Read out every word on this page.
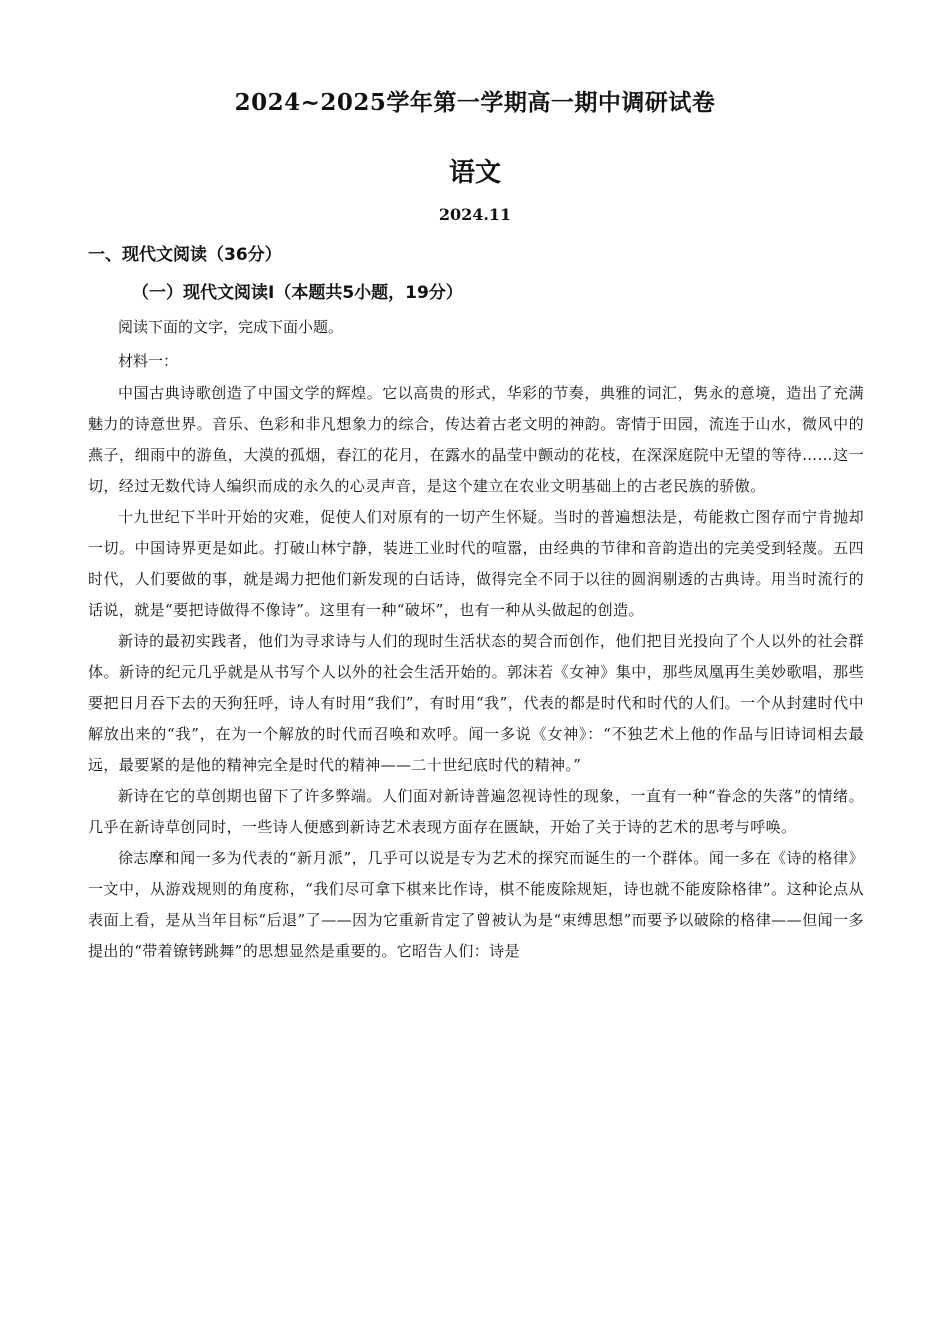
2024~2025学年第一学期高一期中调研试卷
语文
2024.11
一、现代文阅读（36分）
（一）现代文阅读Ⅰ（本题共5小题，19分）
阅读下面的文字，完成下面小题。
材料一：

中国古典诗歌创造了中国文学的辉煌。它以高贵的形式，华彩的节奏，典雅的词汇，隽永的意境，造出了充满魅力的诗意世界。音乐、色彩和非凡想象力的综合，传达着古老文明的神韵。寄情于田园，流连于山水，微风中的燕子，细雨中的游鱼，大漠的孤烟，春江的花月，在露水的晶莹中颤动的花枝，在深深庭院中无望的等待……这一切，经过无数代诗人编织而成的永久的心灵声音，是这个建立在农业文明基础上的古老民族的骄傲。

十九世纪下半叶开始的灾难，促使人们对原有的一切产生怀疑。当时的普遍想法是，苟能救亡图存而宁肯抛却一切。中国诗界更是如此。打破山林宁静，装进工业时代的喧嚣，由经典的节律和音韵造出的完美受到轻蔑。五四时代，人们要做的事，就是竭力把他们新发现的白话诗，做得完全不同于以往的圆润剔透的古典诗。用当时流行的话说，就是“要把诗做得不像诗”。这里有一种“破坏”，也有一种从头做起的创造。

新诗的最初实践者，他们为寻求诗与人们的现时生活状态的契合而创作，他们把目光投向了个人以外的社会群体。新诗的纪元几乎就是从书写个人以外的社会生活开始的。郭沫若《女神》集中，那些凤凰再生美妙歌唱，那些要把日月吞下去的天狗狂呼，诗人有时用“我们”，有时用“我”，代表的都是时代和时代的人们。一个从封建时代中解放出来的“我”，在为一个解放的时代而召唤和欢呼。闻一多说《女神》：“不独艺术上他的作品与旧诗词相去最远，最要紧的是他的精神完全是时代的精神——二十世纪底时代的精神。”

新诗在它的草创期也留下了许多弊端。人们面对新诗普遍忽视诗性的现象，一直有一种“眷念的失落”的情绪。几乎在新诗草创同时，一些诗人便感到新诗艺术表现方面存在匮缺，开始了关于诗的艺术的思考与呼唤。

徐志摩和闻一多为代表的“新月派”，几乎可以说是专为艺术的探究而诞生的一个群体。闻一多在《诗的格律》一文中，从游戏规则的角度称，“我们尽可拿下棋来比作诗，棋不能废除规矩，诗也就不能废除格律”。这种论点从表面上看，是从当年目标“后退”了——因为它重新肯定了曾被认为是“束缚思想”而要予以破除的格律——但闻一多提出的“带着镣铐跳舞”的思想显然是重要的。它昭告人们：诗是
